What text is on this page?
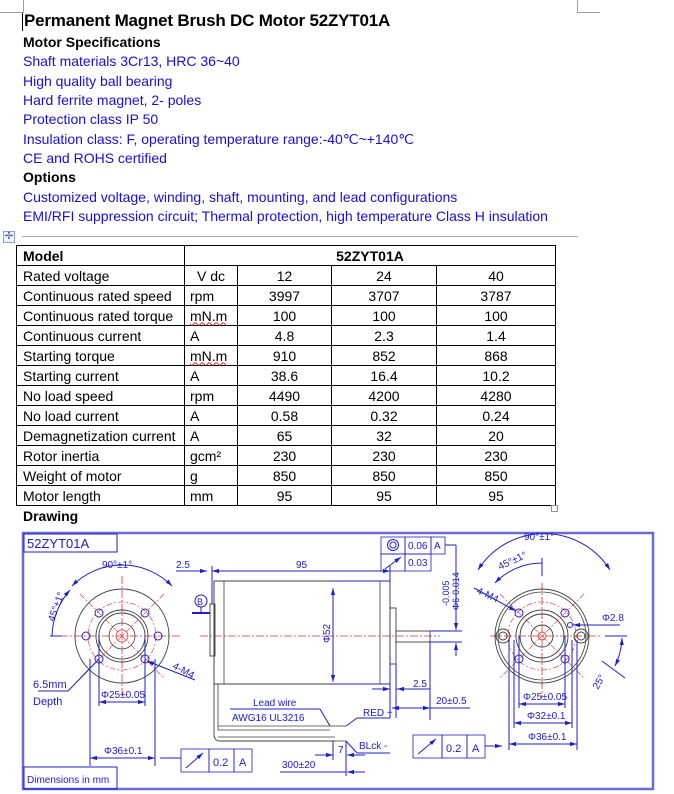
Permanent Magnet Brush DC Motor 52ZYT01A
Motor Specifications
Shaft materials 3Cr13, HRC 36~40
High quality ball bearing
Hard ferrite magnet, 2- poles
Protection class IP 50
Insulation class: F, operating temperature range:-40℃~+140℃
CE and ROHS certified
Options
Customized voltage, winding, shaft, mounting, and lead configurations
EMI/RFI suppression circuit; Thermal protection, high temperature Class H insulation
✢
Model	52ZYT01A			
Rated voltage	V dc	12	24	40
Continuous rated speed	rpm	3997	3707	3787
Continuous rated torque	mN.m	100	100	100
Continuous current	A	4.8	2.3	1.4
Starting torque	mN.m	910	852	868
Starting current	A	38.6	16.4	10.2
No load speed	rpm	4490	4200	4280
No load current	A	0.58	0.32	0.24
Demagnetization current	A	65	32	20
Rotor inertia	gcm²	230	230	230
Weight of motor	g	850	850	850
Motor length	mm	95	95	95
Drawing
52ZYT01A
Dimensions in mm
90°±1°
45°±1°
Φ25±0.05
Φ36±0.1
6.5mm
Depth
4-M4
95
2.5
B
Φ52
0.06 A
0.03
-0.005 Φ6-0.014
2.5
20±0.5
Lead wire
AWG16 UL3216	RED +
BLck -
7
300±20
0.2 A
0.2 A
90°±1°
45°±1°
4-M4
Φ2.8
25°
Φ25±0.05
Φ32±0.1
Φ36±0.1
